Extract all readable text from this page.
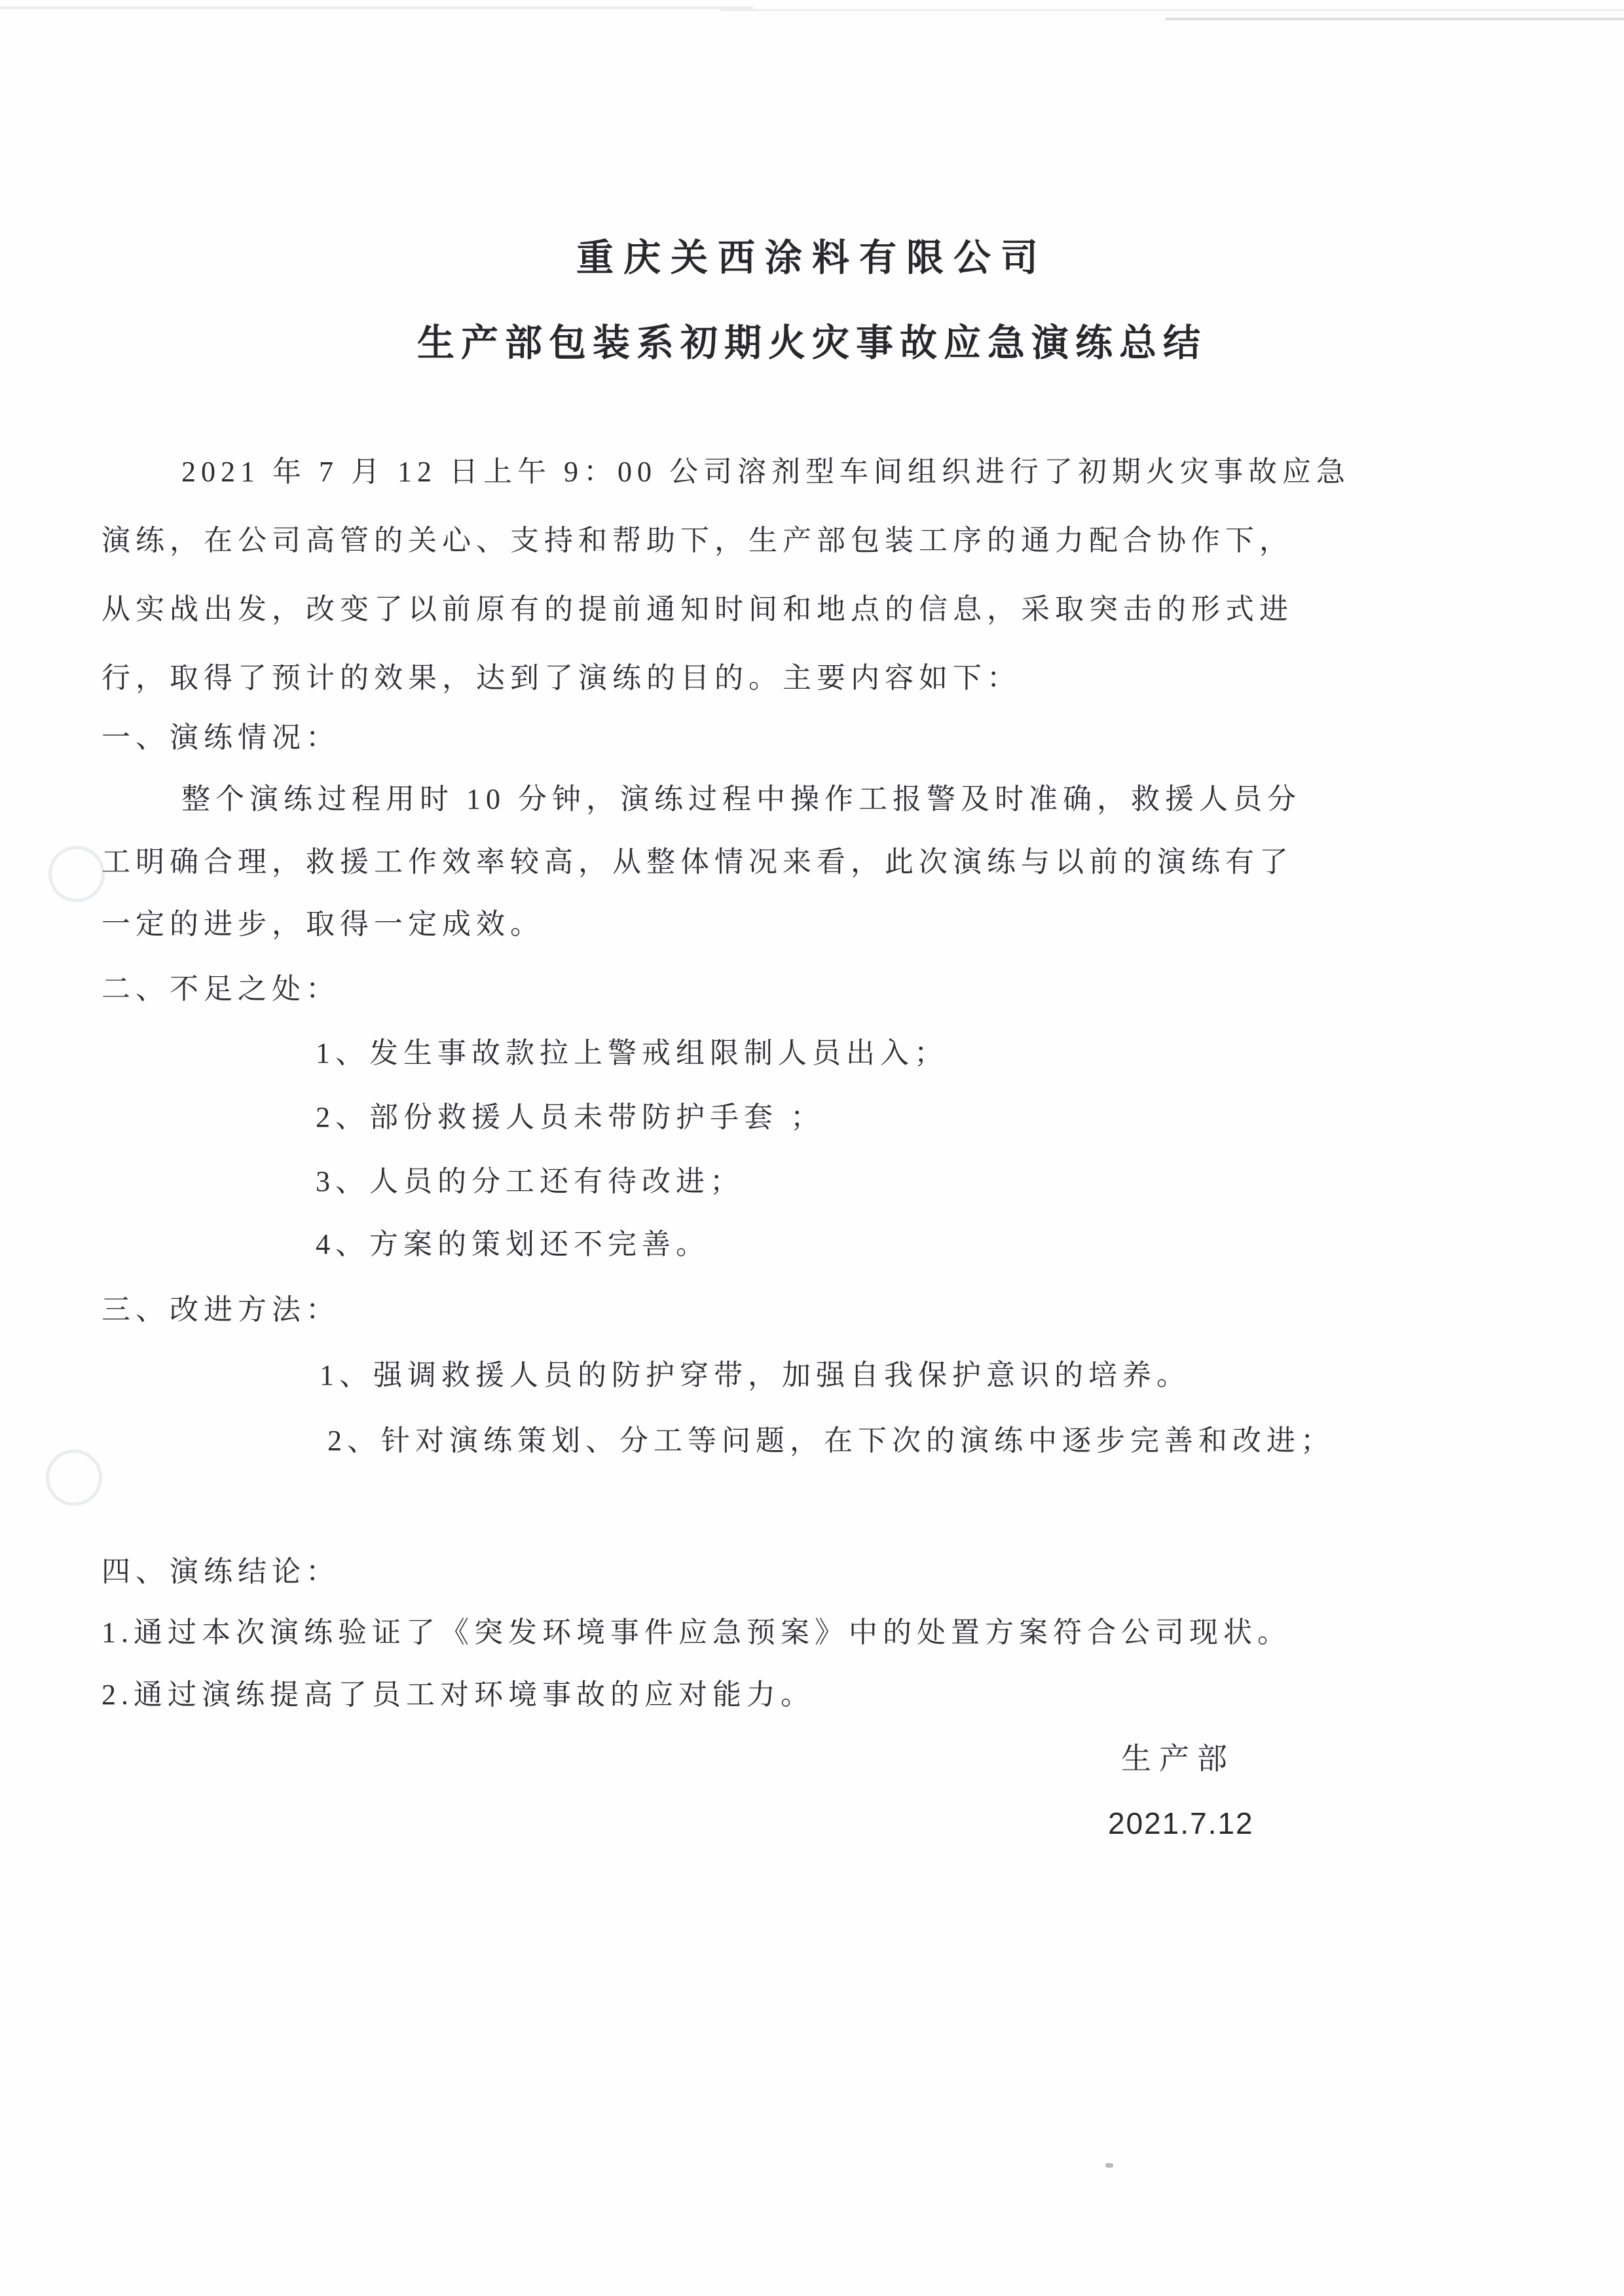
重庆关西涂料有限公司
生产部包装系初期火灾事故应急演练总结
2021 年 7 月 12 日上午 9：00 公司溶剂型车间组织进行了初期火灾事故应急
演练，在公司高管的关心、支持和帮助下，生产部包装工序的通力配合协作下，
从实战出发，改变了以前原有的提前通知时间和地点的信息，采取突击的形式进
行，取得了预计的效果，达到了演练的目的。主要内容如下：
一、演练情况：
整个演练过程用时 10 分钟，演练过程中操作工报警及时准确，救援人员分
工明确合理，救援工作效率较高，从整体情况来看，此次演练与以前的演练有了
一定的进步，取得一定成效。
二、不足之处：
1、发生事故款拉上警戒组限制人员出入；
2、部份救援人员未带防护手套 ；
3、人员的分工还有待改进；
4、方案的策划还不完善。
三、改进方法：
1、强调救援人员的防护穿带，加强自我保护意识的培养。
2、针对演练策划、分工等问题，在下次的演练中逐步完善和改进；
四、演练结论：
1.通过本次演练验证了《突发环境事件应急预案》中的处置方案符合公司现状。
2.通过演练提高了员工对环境事故的应对能力。
生产部
2021.7.12
